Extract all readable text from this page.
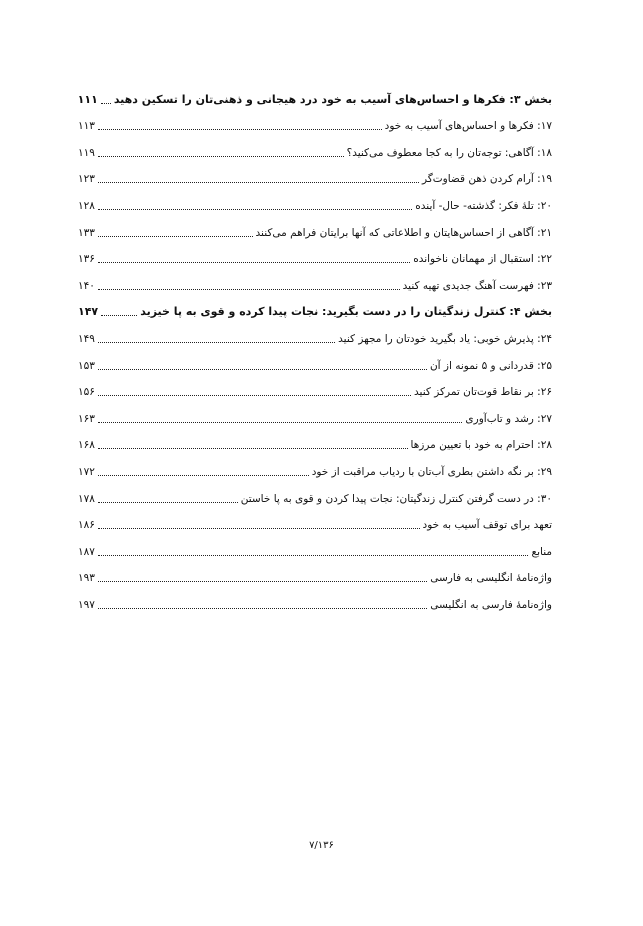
بخش ۳: فکرها و احساس‌های آسیب به خود درد هیجانی و ذهنی‌تان را تسکین دهید
۱۱۱
۱۷: فکرها و احساس‌های آسیب به خود
۱۱۳
۱۸: آگاهی: توجه‌تان را به کجا معطوف می‌کنید؟
۱۱۹
۱۹: آرام کردن ذهن قضاوت‌گر
۱۲۳
۲۰: تلهٔ فکر: گذشته- حال- آینده
۱۲۸
۲۱: آگاهی از احساس‌هایتان و اطلاعاتی که آنها برایتان فراهم می‌کنند
۱۳۳
۲۲: استقبال از مهمانان ناخوانده
۱۳۶
۲۳: فهرست آهنگ جدیدی تهیه کنید
۱۴۰
بخش ۴: کنترل زندگیتان را در دست بگیرید: نجات پیدا کرده و قوی به پا خیزید
۱۴۷
۲۴: پذیرش خوبی: یاد بگیرید خودتان را مجهز کنید
۱۴۹
۲۵: قدردانی و ۵ نمونه از آن
۱۵۳
۲۶: بر نقاط قوت‌تان تمرکز کنید
۱۵۶
۲۷: رشد و تاب‌آوری
۱۶۳
۲۸: احترام به خود با تعیین مرزها
۱۶۸
۲۹: بر نگه داشتن بطری آب‌تان با ردیاب مراقبت از خود
۱۷۲
۳۰: در دست گرفتن کنترل زندگیتان: نجات پیدا کردن و قوی به پا خاستن
۱۷۸
تعهد برای توقف آسیب به خود
۱۸۶
منابع
۱۸۷
واژه‌نامهٔ انگلیسی به فارسی
۱۹۳
واژه‌نامهٔ فارسی به انگلیسی
۱۹۷
۷/۱۳۶
